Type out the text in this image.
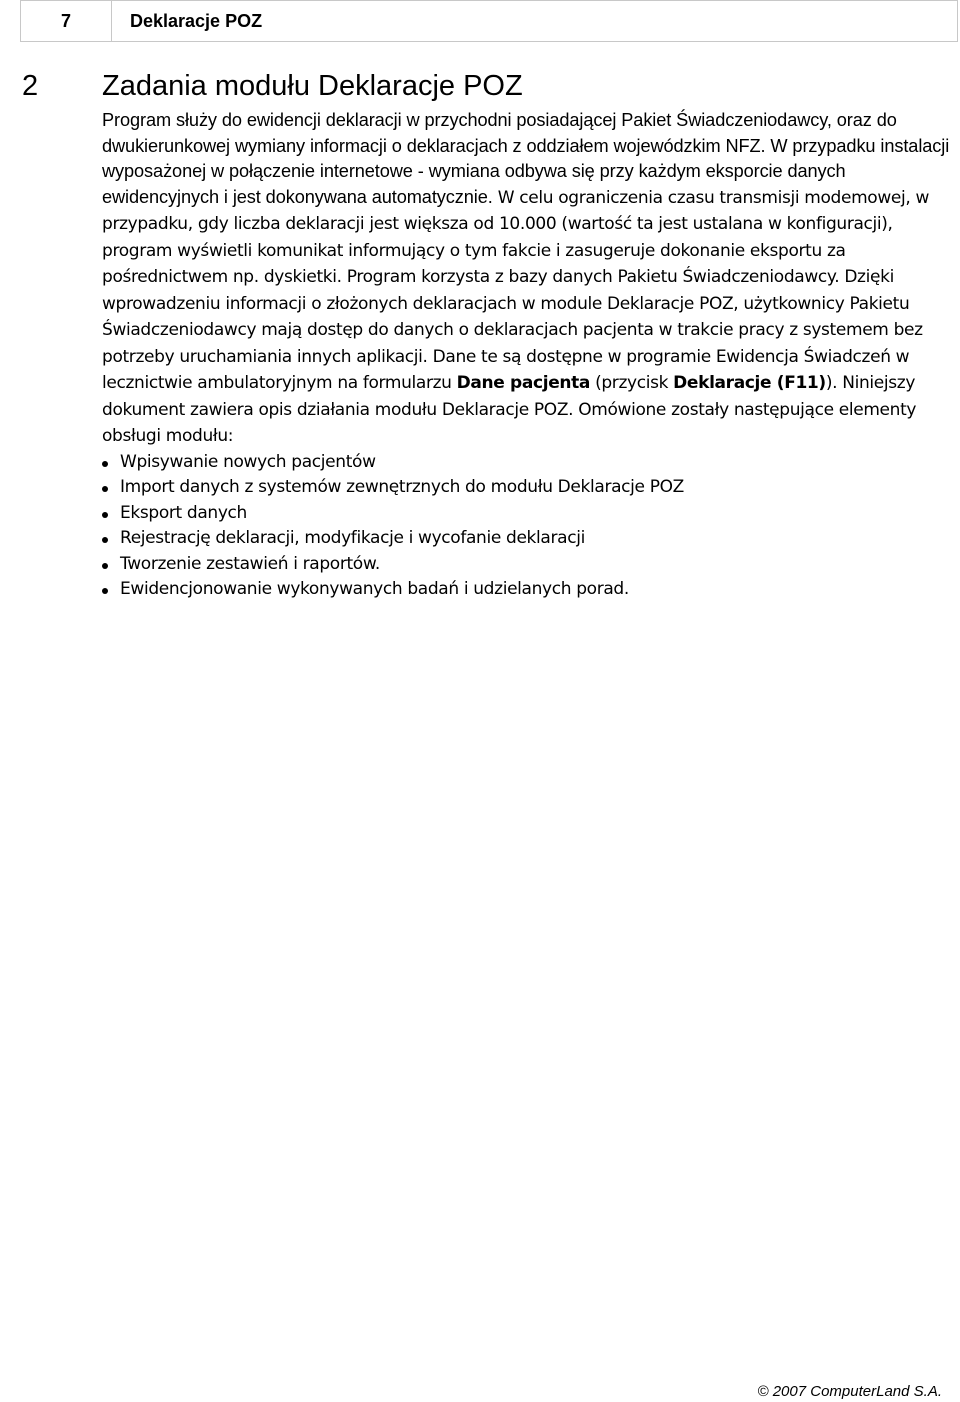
7	Deklaracje POZ
2	Zadania modułu Deklaracje POZ

Program służy do ewidencji deklaracji w przychodni posiadającej Pakiet Świadczeniodawcy, oraz do dwukierunkowej wymiany informacji o deklaracjach z oddziałem wojewódzkim NFZ. W przypadku instalacji wyposażonej w połączenie internetowe - wymiana odbywa się przy każdym eksporcie danych ewidencyjnych i jest dokonywana automatycznie. W celu ograniczenia czasu transmisji modemowej, w przypadku, gdy liczba deklaracji jest większa od 10.000 (wartość ta jest ustalana w konfiguracji), program wyświetli komunikat informujący o tym fakcie i zasugeruje dokonanie eksportu za pośrednictwem np. dyskietki. Program korzysta z bazy danych Pakietu Świadczeniodawcy. Dzięki wprowadzeniu informacji o złożonych deklaracjach w module Deklaracje POZ, użytkownicy Pakietu Świadczeniodawcy mają dostęp do danych o deklaracjach pacjenta w trakcie pracy z systemem bez potrzeby uruchamiania innych aplikacji. Dane te są dostępne w programie Ewidencja Świadczeń w lecznictwie ambulatoryjnym na formularzu Dane pacjenta (przycisk Deklaracje (F11)). Niniejszy dokument zawiera opis działania modułu Deklaracje POZ. Omówione zostały następujące elementy obsługi modułu:

Wpisywanie nowych pacjentów
Import danych z systemów zewnętrznych do modułu Deklaracje POZ
Eksport danych
Rejestrację deklaracji, modyfikacje i wycofanie deklaracji
Tworzenie zestawień i raportów.
Ewidencjonowanie wykonywanych badań i udzielanych porad.
© 2007 ComputerLand S.A.
